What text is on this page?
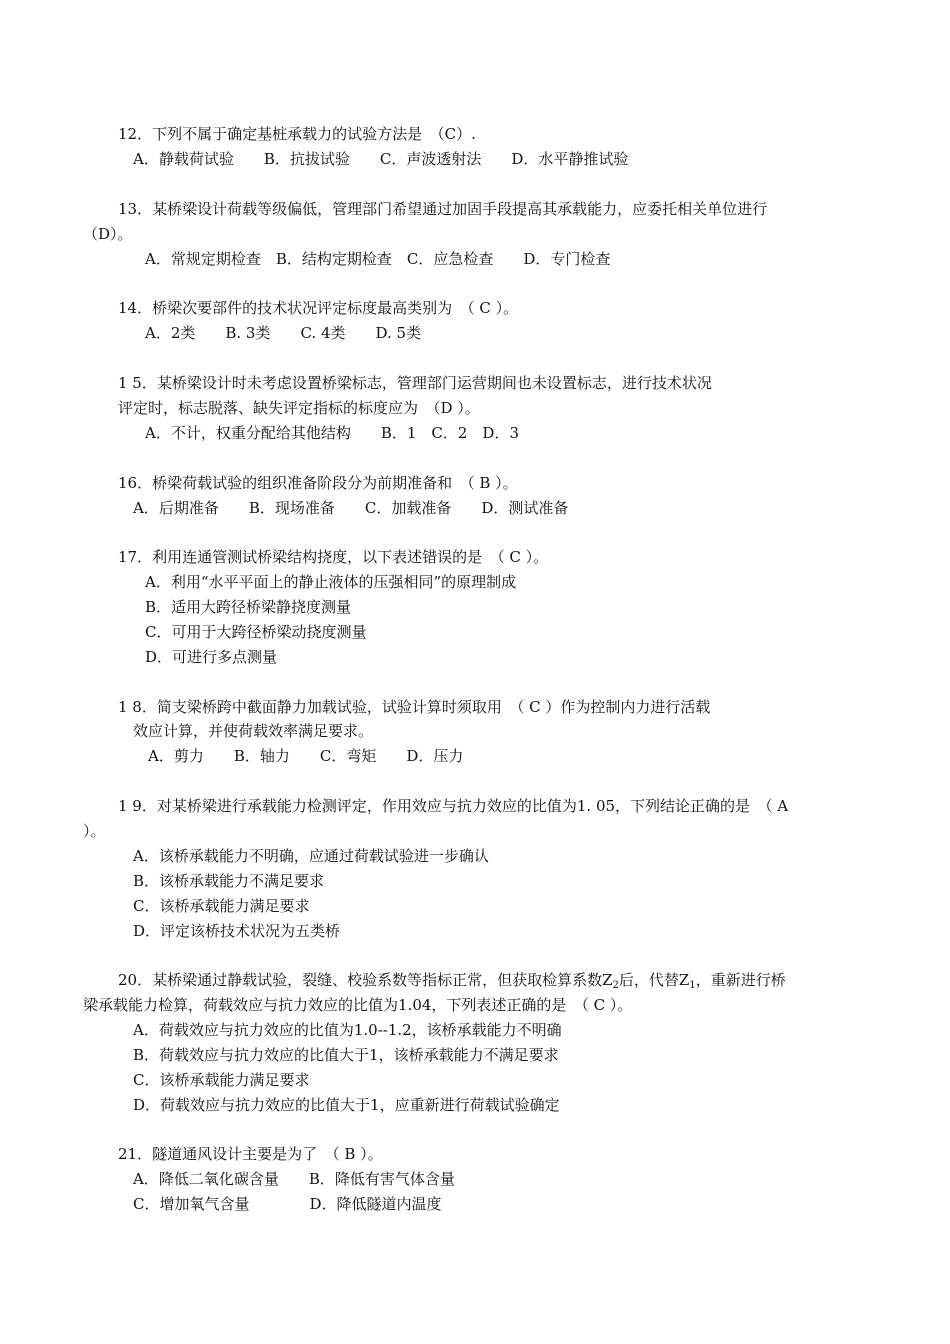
12．下列不属于确定基桩承载力的试验方法是　（C）.
A．静载荷试验　　B．抗拔试验　　C．声波透射法　　D．水平静推试验
13．某桥梁设计荷载等级偏低，管理部门希望通过加固手段提高其承载能力，应委托相关单位进行
（D）。
A．常规定期检查　B．结构定期检查　C．应急检查　　D．专门检查
14．桥梁次要部件的技术状况评定标度最高类别为　（ C ）。
A．2类　　B. 3类　　C. 4类　　D. 5类
1 5．某桥梁设计时未考虑设置桥梁标志，管理部门运营期间也未设置标志，进行技术状况
评定时，标志脱落、缺失评定指标的标度应为　（D ）。
A．不计，权重分配给其他结构　　B．1　C．2　D．3
16．桥梁荷载试验的组织准备阶段分为前期准备和　（ B ）。
A．后期准备　　B．现场准备　　C．加载准备　　D．测试准备
17．利用连通管测试桥梁结构挠度，以下表述错误的是　（ C ）。
A．利用“水平平面上的静止液体的压强相同”的原理制成
B．适用大跨径桥梁静挠度测量
C．可用于大跨径桥梁动挠度测量
D．可进行多点测量
1 8．简支梁桥跨中截面静力加载试验，试验计算时须取用　（ C ）作为控制内力进行活载
效应计算，并使荷载效率满足要求。
A．剪力　　B．轴力　　C．弯矩　　D．压力
1 9．对某桥梁进行承载能力检测评定，作用效应与抗力效应的比值为1. 05，下列结论正确的是　（ A
）。
A．该桥承载能力不明确，应通过荷载试验进一步确认
B．该桥承载能力不满足要求
C．该桥承载能力满足要求
D．评定该桥技术状况为五类桥
20．某桥梁通过静载试验，裂缝、校验系数等指标正常，但获取检算系数$Z_2$后，代替$Z_1$，重新进行桥
梁承载能力检算，荷载效应与抗力效应的比值为1.04，下列表述正确的是　（ C ）。
A．荷载效应与抗力效应的比值为1.0--1.2，该桥承载能力不明确
B．荷载效应与抗力效应的比值大于1，该桥承载能力不满足要求
C．该桥承载能力满足要求
D．荷载效应与抗力效应的比值大于1，应重新进行荷载试验确定
21．隧道通风设计主要是为了　（ B ）。
A．降低二氧化碳含量　　B．降低有害气体含量
C．增加氧气含量　　　　D．降低隧道内温度
